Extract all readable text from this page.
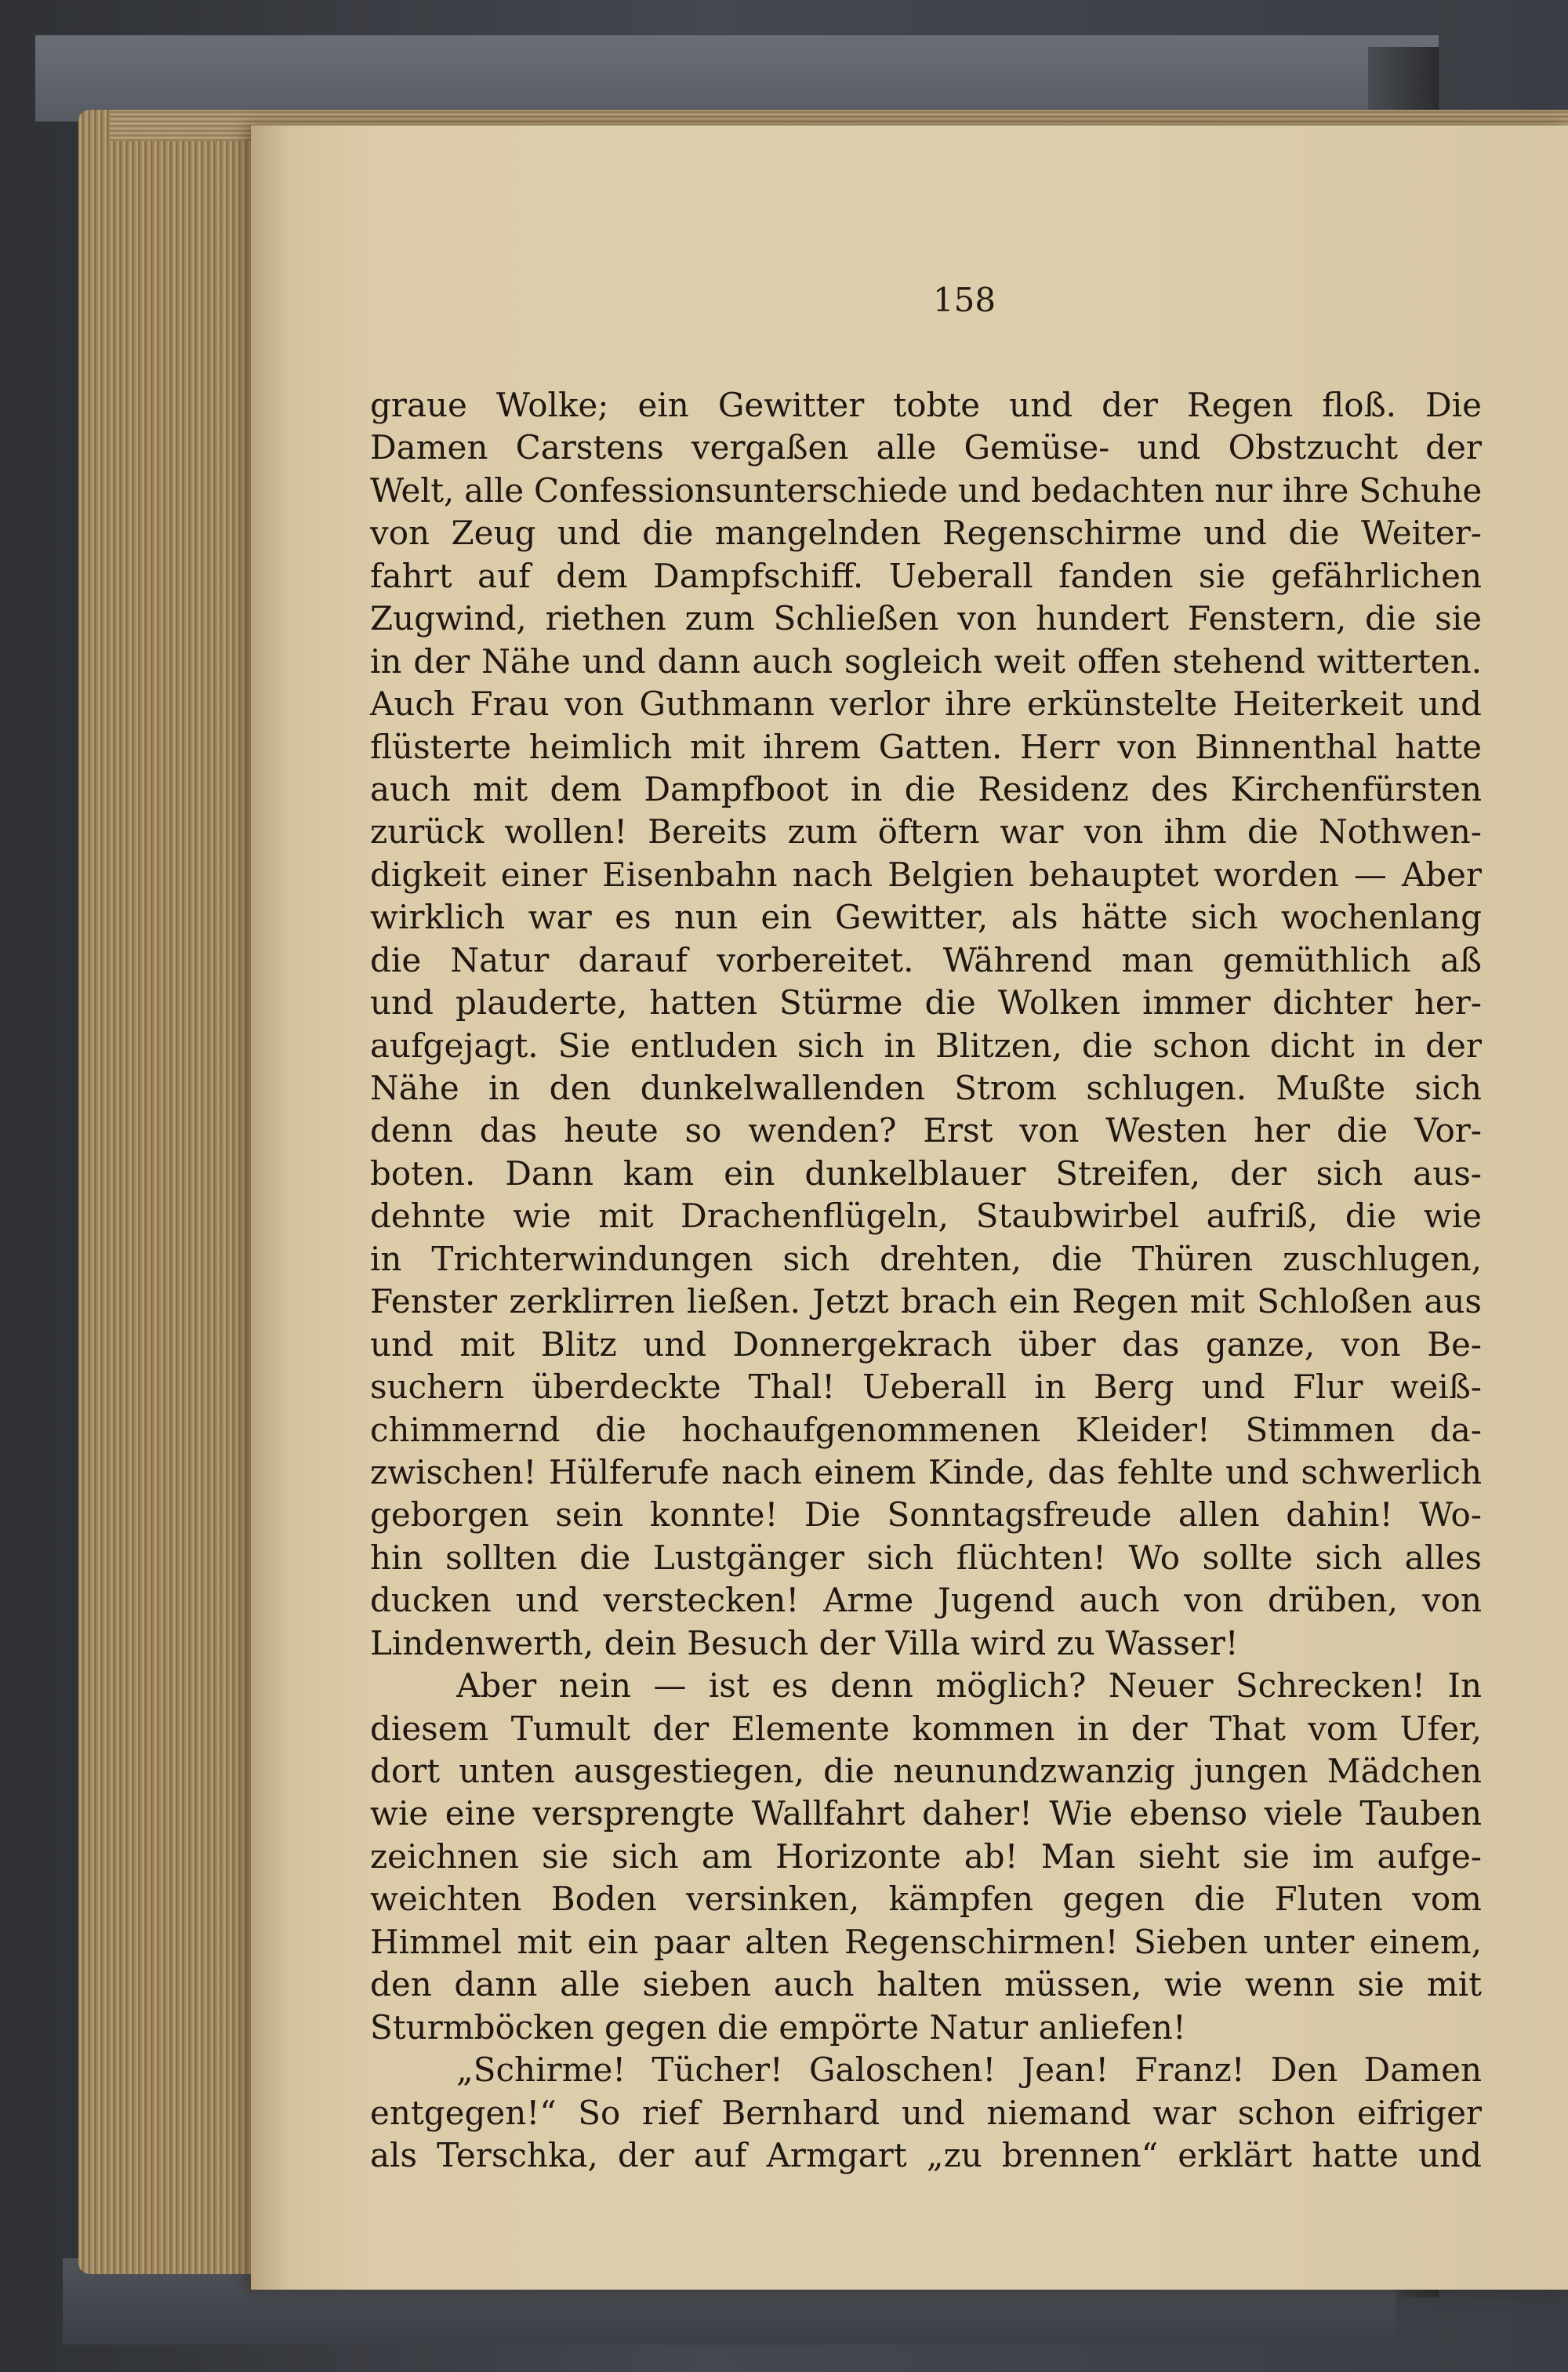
158
graue Wolke; ein Gewitter tobte und der Regen floß. Die
Damen Carstens vergaßen alle Gemüse- und Obstzucht der
Welt, alle Confessionsunterschiede und bedachten nur ihre Schuhe
von Zeug und die mangelnden Regenschirme und die Weiter-
fahrt auf dem Dampfschiff. Ueberall fanden sie gefährlichen
Zugwind, riethen zum Schließen von hundert Fenstern, die sie
in der Nähe und dann auch sogleich weit offen stehend witterten.
Auch Frau von Guthmann verlor ihre erkünstelte Heiterkeit und
flüsterte heimlich mit ihrem Gatten. Herr von Binnenthal hatte
auch mit dem Dampfboot in die Residenz des Kirchenfürsten
zurück wollen! Bereits zum öftern war von ihm die Nothwen-
digkeit einer Eisenbahn nach Belgien behauptet worden — Aber
wirklich war es nun ein Gewitter, als hätte sich wochenlang
die Natur darauf vorbereitet. Während man gemüthlich aß
und plauderte, hatten Stürme die Wolken immer dichter her-
aufgejagt. Sie entluden sich in Blitzen, die schon dicht in der
Nähe in den dunkelwallenden Strom schlugen. Mußte sich
denn das heute so wenden? Erst von Westen her die Vor-
boten. Dann kam ein dunkelblauer Streifen, der sich aus-
dehnte wie mit Drachenflügeln, Staubwirbel aufriß, die wie
in Trichterwindungen sich drehten, die Thüren zuschlugen,
Fenster zerklirren ließen. Jetzt brach ein Regen mit Schloßen aus
und mit Blitz und Donnergekrach über das ganze, von Be-
suchern überdeckte Thal! Ueberall in Berg und Flur weiß-
chimmernd die hochaufgenommenen Kleider! Stimmen da-
zwischen! Hülferufe nach einem Kinde, das fehlte und schwerlich
geborgen sein konnte! Die Sonntagsfreude allen dahin! Wo-
hin sollten die Lustgänger sich flüchten! Wo sollte sich alles
ducken und verstecken! Arme Jugend auch von drüben, von
Lindenwerth, dein Besuch der Villa wird zu Wasser!
Aber nein — ist es denn möglich? Neuer Schrecken! In
diesem Tumult der Elemente kommen in der That vom Ufer,
dort unten ausgestiegen, die neunundzwanzig jungen Mädchen
wie eine versprengte Wallfahrt daher! Wie ebenso viele Tauben
zeichnen sie sich am Horizonte ab! Man sieht sie im aufge-
weichten Boden versinken, kämpfen gegen die Fluten vom
Himmel mit ein paar alten Regenschirmen! Sieben unter einem,
den dann alle sieben auch halten müssen, wie wenn sie mit
Sturmböcken gegen die empörte Natur anliefen!
„Schirme! Tücher! Galoschen! Jean! Franz! Den Damen
entgegen!“ So rief Bernhard und niemand war schon eifriger
als Terschka, der auf Armgart „zu brennen“ erklärt hatte und
